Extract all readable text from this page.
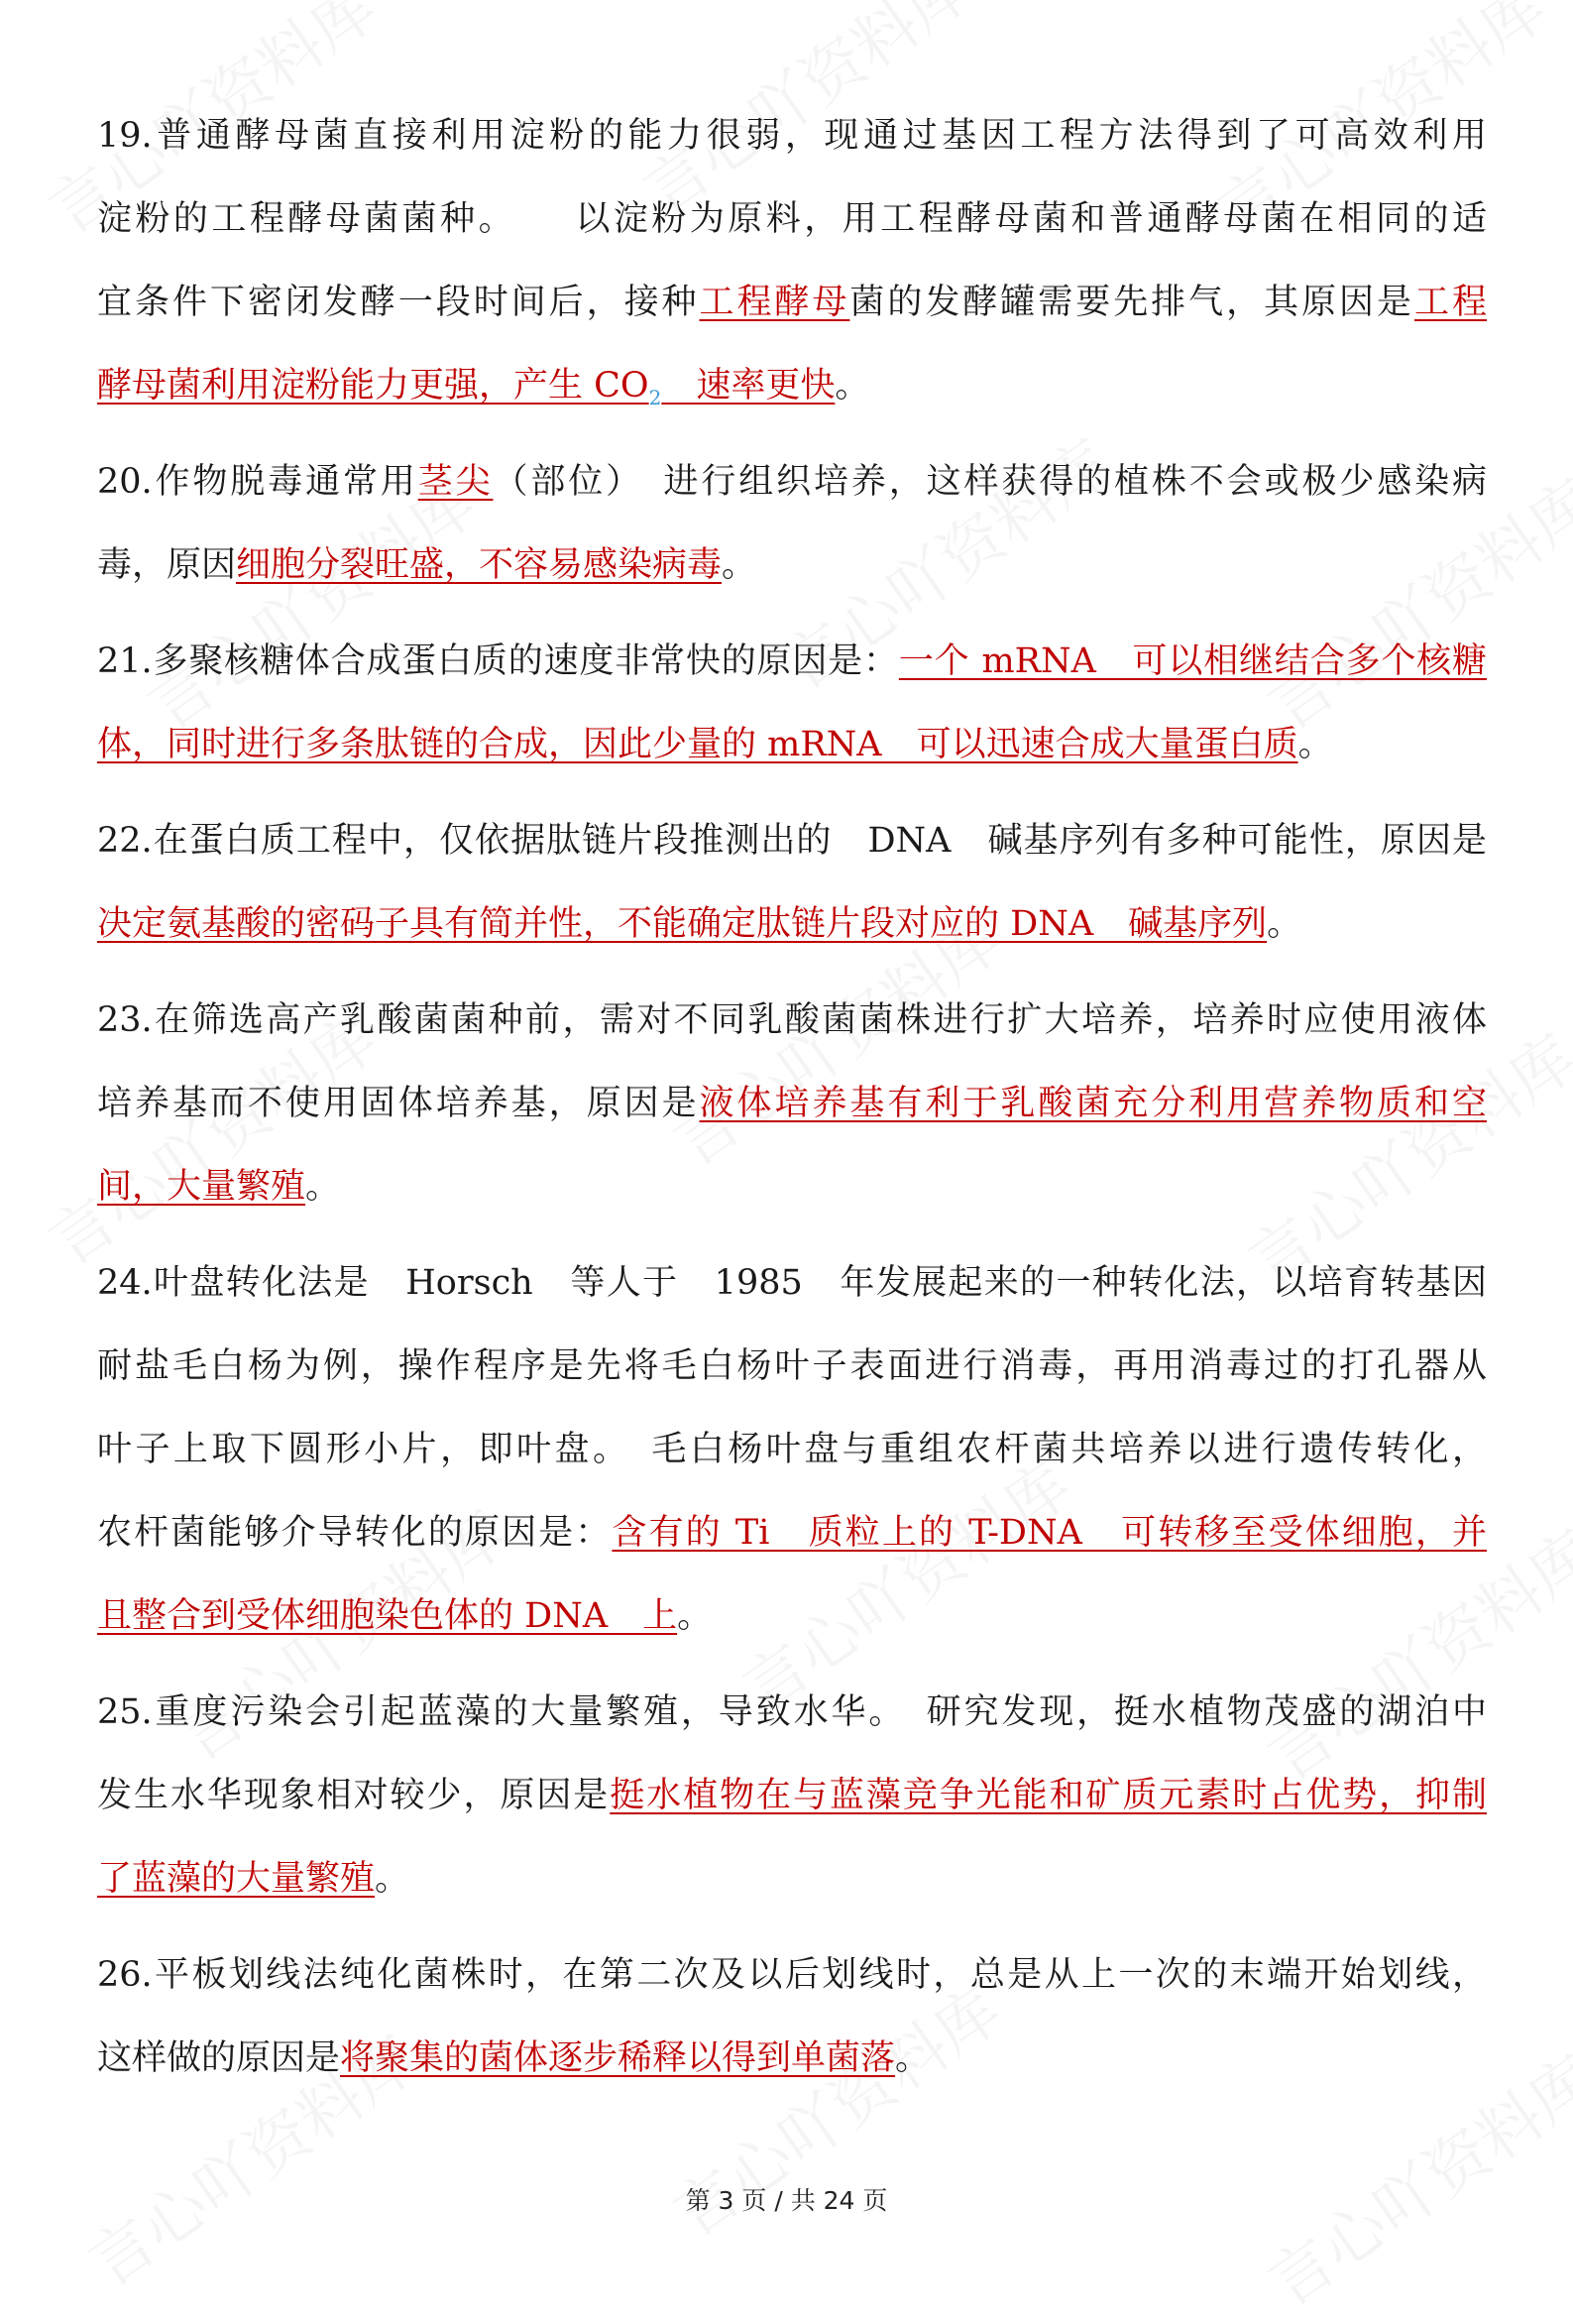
19.普通酵母菌直接利用淀粉的能力很弱，现通过基因工程方法得到了可高效利用
淀粉的工程酵母菌菌种。　　以淀粉为原料，用工程酵母菌和普通酵母菌在相同的适
宜条件下密闭发酵一段时间后，接种工程酵母菌的发酵罐需要先排气，其原因是工程
酵母菌利用淀粉能力更强，产生 $CO_2$　速率更快。
20.作物脱毒通常用茎尖（部位）　进行组织培养，这样获得的植株不会或极少感染病
毒，原因细胞分裂旺盛，不容易感染病毒。
21.多聚核糖体合成蛋白质的速度非常快的原因是：一个 mRNA　可以相继结合多个核糖
体，同时进行多条肽链的合成，因此少量的 mRNA　可以迅速合成大量蛋白质。
22.在蛋白质工程中，仅依据肽链片段推测出的　DNA　碱基序列有多种可能性，原因是
决定氨基酸的密码子具有简并性，不能确定肽链片段对应的 DNA　碱基序列。
23.在筛选高产乳酸菌菌种前，需对不同乳酸菌菌株进行扩大培养，培养时应使用液体
培养基而不使用固体培养基，原因是液体培养基有利于乳酸菌充分利用营养物质和空
间，大量繁殖。
24.叶盘转化法是　Horsch　等人于　1985　年发展起来的一种转化法，以培育转基因
耐盐毛白杨为例，操作程序是先将毛白杨叶子表面进行消毒，再用消毒过的打孔器从
叶子上取下圆形小片，即叶盘。　毛白杨叶盘与重组农杆菌共培养以进行遗传转化，
农杆菌能够介导转化的原因是：含有的 Ti　质粒上的 T-DNA　可转移至受体细胞，并
且整合到受体细胞染色体的 DNA　上。
25.重度污染会引起蓝藻的大量繁殖，导致水华。　研究发现，挺水植物茂盛的湖泊中
发生水华现象相对较少，原因是挺水植物在与蓝藻竞争光能和矿质元素时占优势，抑制
了蓝藻的大量繁殖。
26.平板划线法纯化菌株时，在第二次及以后划线时，总是从上一次的末端开始划线，
这样做的原因是将聚集的菌体逐步稀释以得到单菌落。
第 3 页 / 共 24 页
